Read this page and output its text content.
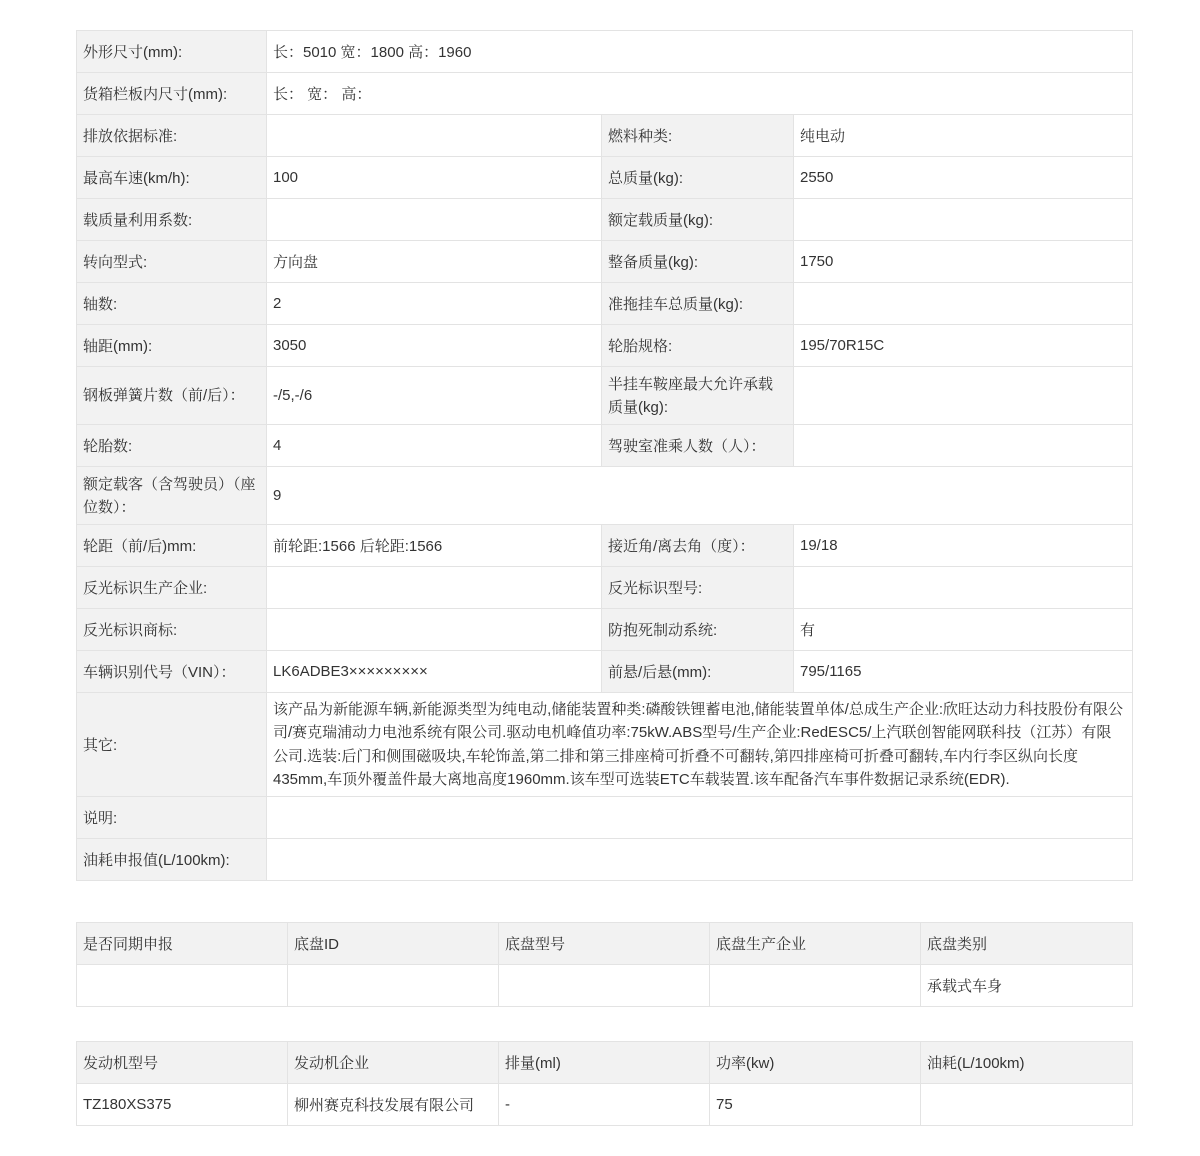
外形尺寸(mm):	长：5010 宽：1800 高：1960		
货箱栏板内尺寸(mm):	长： 宽： 高：		
排放依据标准:		燃料种类:	纯电动
最高车速(km/h):	100	总质量(kg):	2550
载质量利用系数:		额定载质量(kg):	
转向型式:	方向盘	整备质量(kg):	1750
轴数:	2	准拖挂车总质量(kg):	
轴距(mm):	3050	轮胎规格:	195/70R15C
钢板弹簧片数（前/后）：	-/5,-/6	半挂车鞍座最大允许承载质量(kg):	
轮胎数:	4	驾驶室准乘人数（人）：	
额定载客（含驾驶员）（座位数）：	9		
轮距（前/后)mm:	前轮距:1566 后轮距:1566	接近角/离去角（度）：	19/18
反光标识生产企业:		反光标识型号:	
反光标识商标:		防抱死制动系统:	有
车辆识别代号（VIN）：	LK6ADBE3×××××××××	前悬/后悬(mm):	795/1165
其它:	该产品为新能源车辆,新能源类型为纯电动,储能装置种类:磷酸铁锂蓄电池,储能装置单体/总成生产企业:欣旺达动力科技股份有限公司/赛克瑞浦动力电池系统有限公司.驱动电机峰值功率:75kW.ABS型号/生产企业:RedESC5/上汽联创智能网联科技（江苏）有限公司.选装:后门和侧围磁吸块,车轮饰盖,第二排和第三排座椅可折叠不可翻转,第四排座椅可折叠可翻转,车内行李区纵向长度435mm,车顶外覆盖件最大离地高度1960mm.该车型可选装ETC车载装置.该车配备汽车事件数据记录系统(EDR).		
说明:			
油耗申报值(L/100km):			
是否同期申报	底盘ID	底盘型号	底盘生产企业	底盘类别
				承载式车身
发动机型号	发动机企业	排量(ml)	功率(kw)	油耗(L/100km)
TZ180XS375	柳州赛克科技发展有限公司	-	75	
